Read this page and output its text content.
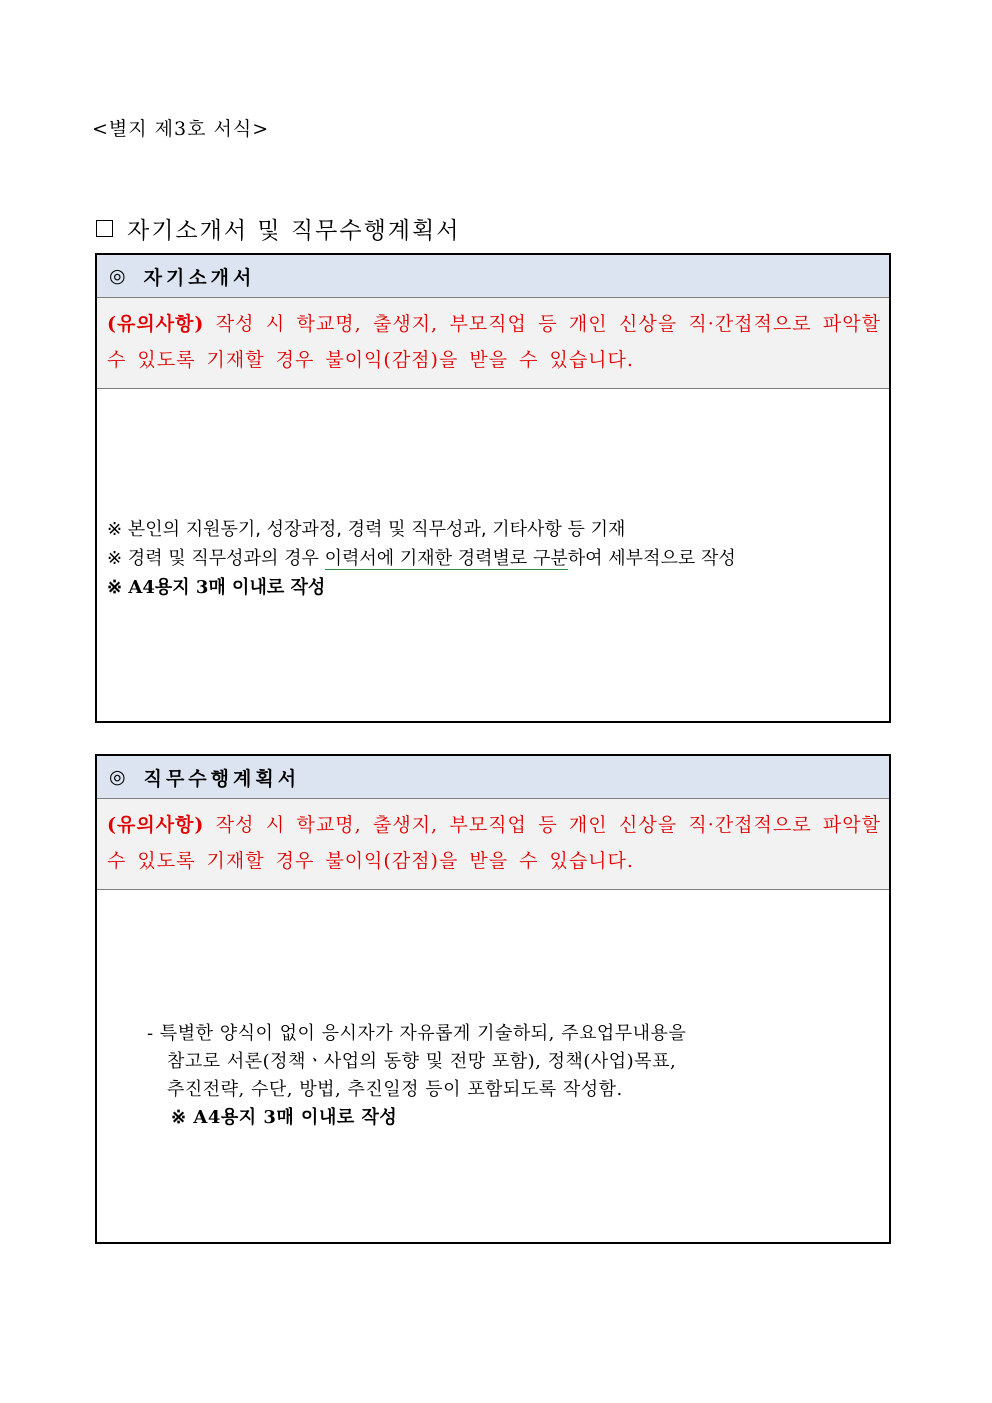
<별지 제3호 서식>
자기소개서 및 직무수행계획서
◎ 자기소개서
(유의사항) 작성 시 학교명, 출생지, 부모직업 등 개인 신상을 직·간접적으로 파악할 수 있도록 기재할 경우 불이익(감점)을 받을 수 있습니다.
※ 본인의 지원동기, 성장과정, 경력 및 직무성과, 기타사항 등 기재
※ 경력 및 직무성과의 경우 이력서에 기재한 경력별로 구분하여 세부적으로 작성
※ A4용지 3매 이내로 작성
◎ 직무수행계획서
(유의사항) 작성 시 학교명, 출생지, 부모직업 등 개인 신상을 직·간접적으로 파악할 수 있도록 기재할 경우 불이익(감점)을 받을 수 있습니다.
- 특별한 양식이 없이 응시자가 자유롭게 기술하되, 주요업무내용을
참고로 서론(정책ㆍ사업의 동향 및 전망 포함), 정책(사업)목표,
추진전략, 수단, 방법, 추진일정 등이 포함되도록 작성함.
※ A4용지 3매 이내로 작성
